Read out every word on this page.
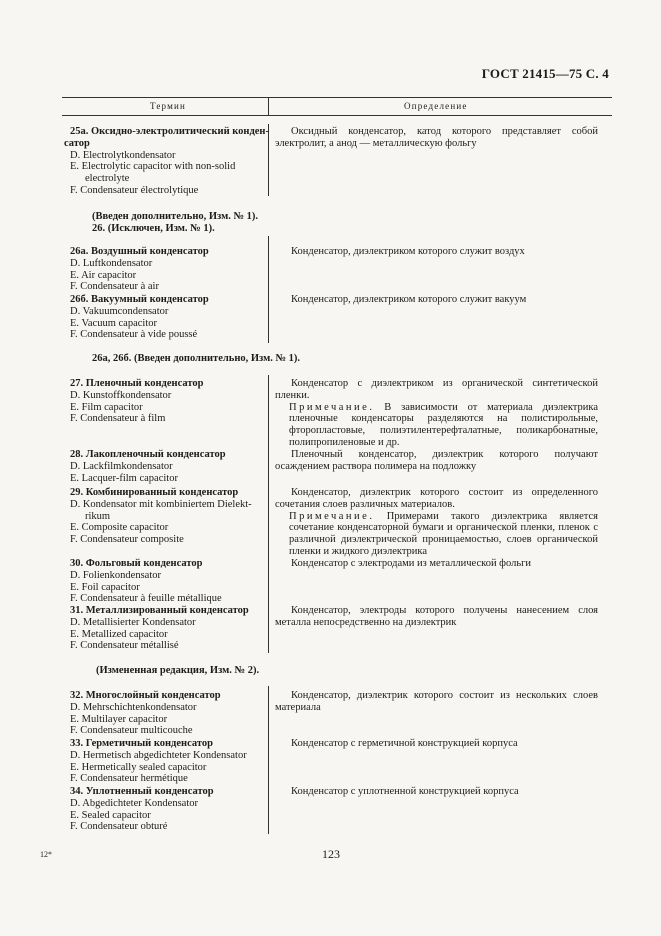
ГОСТ 21415—75 С. 4
Термин	Определение
25а. Оксидно-электролитический конден-
сатор
D. Electrolytkondensator
E. Electrolytic capacitor with non-solid
electrolyte
F. Condensateur électrolytique
Оксидный конденсатор, катод которого представляет собой электролит, а анод — металлическую фольгу
(Введен дополнительно, Изм. № 1).
26. (Исключен, Изм. № 1).
26а. Воздушный конденсатор
D. Luftkondensator
E. Air capacitor
F. Condensateur à air
Конденсатор, диэлектриком которого служит воздух
26б. Вакуумный конденсатор
D. Vakuumcondensator
E. Vacuum capacitor
F. Condensateur à vide poussé
Конденсатор, диэлектриком которого служит вакуум
26а, 26б. (Введен дополнительно, Изм. № 1).
27. Пленочный конденсатор
D. Kunstoffkondensator
E. Film capacitor
F. Condensateur à film
Конденсатор с диэлектриком из органической синтетической пленки.
Примечание. В зависимости от материала диэлектрика пленочные конденсаторы разделяются на полистирольные, фторопластовые, полиэтилентерефталатные, поликарбонатные, полипропиленовые и др.
28. Лакопленочный конденсатор
D. Lackfilmkondensator
E. Lacquer-film capacitor
Пленочный конденсатор, диэлектрик которого получают осаждением раствора полимера на подложку
29. Комбинированный конденсатор
D. Kondensator mit kombiniertem Dielekt-
rikum
E. Composite capacitor
F. Condensateur composite
Конденсатор, диэлектрик которого состоит из определенного сочетания слоев различных материалов.
Примечание. Примерами такого диэлектрика является сочетание конденсаторной бумаги и органической пленки, пленок с различной диэлектрической проницаемостью, слоев органической пленки и жидкого диэлектрика
30. Фольговый конденсатор
D. Folienkondensator
E. Foil capacitor
F. Condensateur à feuille métallique
Конденсатор с электродами из металлической фольги
31. Металлизированный конденсатор
D. Metallisierter Kondensator
E. Metallized capacitor
F. Condensateur métallisé
Конденсатор, электроды которого получены нанесением слоя металла непосредственно на диэлектрик
(Измененная редакция, Изм. № 2).
32. Многослойный конденсатор
D. Mehrschichtenkondensator
E. Multilayer capacitor
F. Condensateur multicouche
Конденсатор, диэлектрик которого состоит из нескольких слоев материала
33. Герметичный конденсатор
D. Hermetisch abgedichteter Kondensator
E. Hermetically sealed capacitor
F. Condensateur hermétique
Конденсатор с герметичной конструкцией корпуса
34. Уплотненный конденсатор
D. Abgedichteter Kondensator
E. Sealed capacitor
F. Condensateur obturé
Конденсатор с уплотненной конструкцией корпуса
12*	123
